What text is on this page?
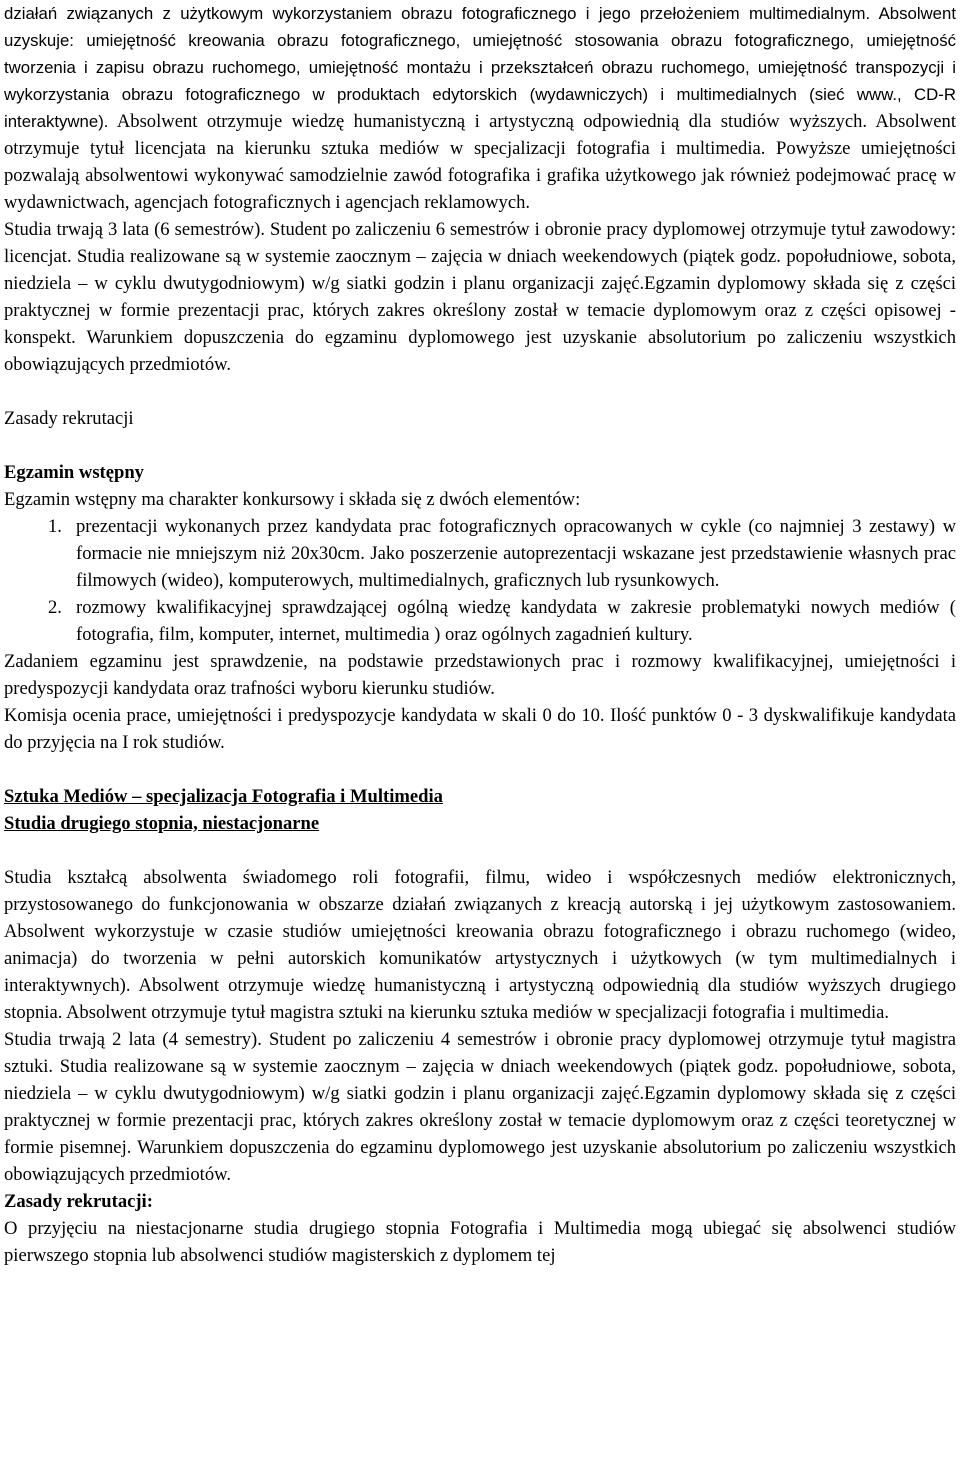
działań związanych z użytkowym wykorzystaniem obrazu fotograficznego i jego przełożeniem multimedialnym. Absolwent uzyskuje: umiejętność kreowania obrazu fotograficznego, umiejętność stosowania obrazu fotograficznego, umiejętność tworzenia i zapisu obrazu ruchomego, umiejętność montażu i przekształceń obrazu ruchomego, umiejętność transpozycji i wykorzystania obrazu fotograficznego w produktach edytorskich (wydawniczych) i multimedialnych (sieć www., CD-R interaktywne). Absolwent otrzymuje wiedzę humanistyczną i artystyczną odpowiednią dla studiów wyższych. Absolwent otrzymuje tytuł licencjata na kierunku sztuka mediów w specjalizacji fotografia i multimedia. Powyższe umiejętności pozwalają absolwentowi wykonywać samodzielnie zawód fotografika i grafika użytkowego jak również podejmować pracę w wydawnictwach, agencjach fotograficznych i agencjach reklamowych.

Studia trwają 3 lata (6 semestrów). Student po zaliczeniu 6 semestrów i obronie pracy dyplomowej otrzymuje tytuł zawodowy: licencjat. Studia realizowane są w systemie zaocznym – zajęcia w dniach weekendowych (piątek godz. popołudniowe, sobota, niedziela – w cyklu dwutygodniowym) w/g siatki godzin i planu organizacji zajęć.Egzamin dyplomowy składa się z części praktycznej w formie prezentacji prac, których zakres określony został w temacie dyplomowym oraz z części opisowej - konspekt. Warunkiem dopuszczenia do egzaminu dyplomowego jest uzyskanie absolutorium po zaliczeniu wszystkich obowiązujących przedmiotów.

Zasady rekrutacji

Egzamin wstępny

Egzamin wstępny ma charakter konkursowy i składa się z dwóch elementów:

1. prezentacji wykonanych przez kandydata prac fotograficznych opracowanych w cykle (co najmniej 3 zestawy) w formacie nie mniejszym niż 20x30cm. Jako poszerzenie autoprezentacji wskazane jest przedstawienie własnych prac filmowych (wideo), komputerowych, multimedialnych, graficznych lub rysunkowych.
2. rozmowy kwalifikacyjnej sprawdzającej ogólną wiedzę kandydata w zakresie problematyki nowych mediów ( fotografia, film, komputer, internet, multimedia ) oraz ogólnych zagadnień kultury.

Zadaniem egzaminu jest sprawdzenie, na podstawie przedstawionych prac i rozmowy kwalifikacyjnej, umiejętności i predyspozycji kandydata oraz trafności wyboru kierunku studiów.

Komisja ocenia prace, umiejętności i predyspozycje kandydata w skali 0 do 10. Ilość punktów 0 - 3 dyskwalifikuje kandydata do przyjęcia na I rok studiów.

Sztuka Mediów – specjalizacja Fotografia i Multimedia

Studia drugiego stopnia, niestacjonarne

Studia kształcą absolwenta świadomego roli fotografii, filmu, wideo i współczesnych mediów elektronicznych, przystosowanego do funkcjonowania w obszarze działań związanych z kreacją autorską i jej użytkowym zastosowaniem. Absolwent wykorzystuje w czasie studiów umiejętności kreowania obrazu fotograficznego i obrazu ruchomego (wideo, animacja) do tworzenia w pełni autorskich komunikatów artystycznych i użytkowych (w tym multimedialnych i interaktywnych). Absolwent otrzymuje wiedzę humanistyczną i artystyczną odpowiednią dla studiów wyższych drugiego stopnia. Absolwent otrzymuje tytuł magistra sztuki na kierunku sztuka mediów w specjalizacji fotografia i multimedia.

Studia trwają 2 lata (4 semestry). Student po zaliczeniu 4 semestrów i obronie pracy dyplomowej otrzymuje tytuł magistra sztuki. Studia realizowane są w systemie zaocznym – zajęcia w dniach weekendowych (piątek godz. popołudniowe, sobota, niedziela – w cyklu dwutygodniowym) w/g siatki godzin i planu organizacji zajęć.Egzamin dyplomowy składa się z części praktycznej w formie prezentacji prac, których zakres określony został w temacie dyplomowym oraz z części teoretycznej w formie pisemnej. Warunkiem dopuszczenia do egzaminu dyplomowego jest uzyskanie absolutorium po zaliczeniu wszystkich obowiązujących przedmiotów.

Zasady rekrutacji:

O przyjęciu na niestacjonarne studia drugiego stopnia Fotografia i Multimedia mogą ubiegać się absolwenci studiów pierwszego stopnia lub absolwenci studiów magisterskich z dyplomem tej
